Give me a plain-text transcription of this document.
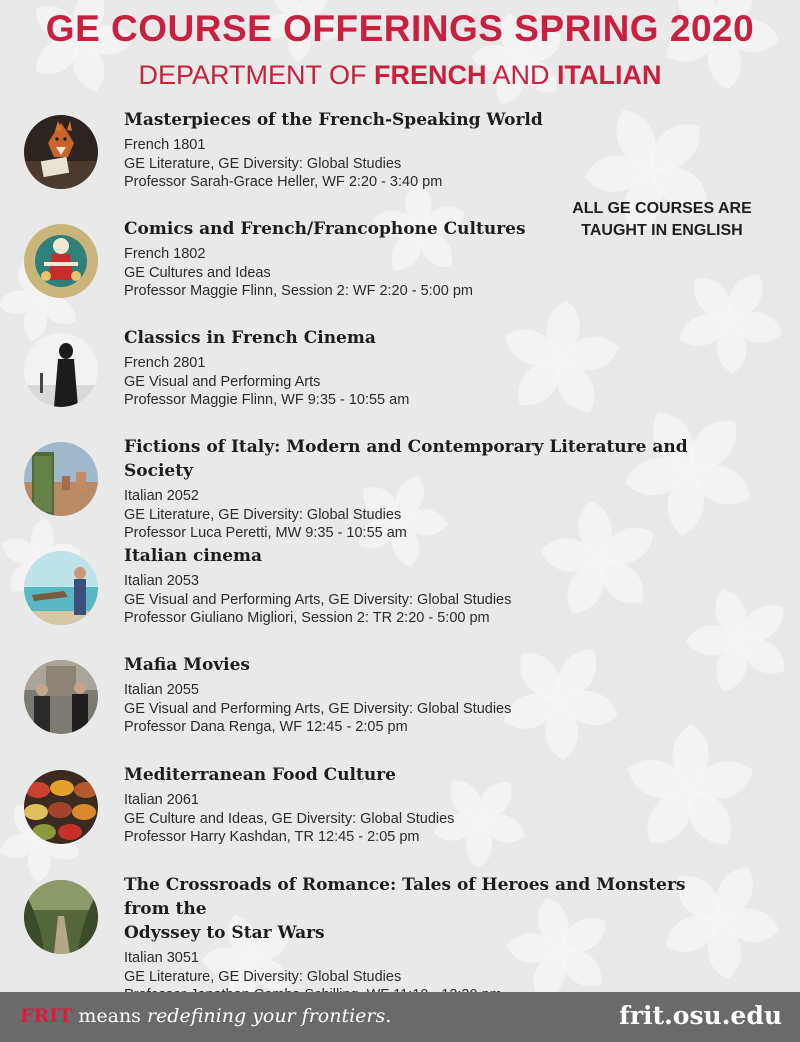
GE COURSE OFFERINGS SPRING 2020
DEPARTMENT OF FRENCH AND ITALIAN
ALL GE COURSES ARE
TAUGHT IN ENGLISH
Masterpieces of the French-Speaking World
French 1801
GE Literature, GE Diversity: Global Studies
Professor Sarah-Grace Heller, WF 2:20 - 3:40 pm
Comics and French/Francophone Cultures
French 1802
GE Cultures and Ideas
Professor Maggie Flinn, Session 2: WF 2:20 - 5:00 pm
Classics in French Cinema
French 2801
GE Visual and Performing Arts
Professor Maggie Flinn, WF 9:35 - 10:55 am
Fictions of Italy: Modern and Contemporary Literature and Society
Italian 2052
GE Literature, GE Diversity: Global Studies
Professor Luca Peretti, MW 9:35 - 10:55 am
Italian cinema
Italian 2053
GE Visual and Performing Arts, GE Diversity: Global Studies
Professor Giuliano Migliori, Session 2: TR 2:20 - 5:00 pm
Mafia Movies
Italian 2055
GE Visual and Performing Arts, GE Diversity: Global Studies
Professor Dana Renga, WF 12:45 - 2:05 pm
Mediterranean Food Culture
Italian 2061
GE Culture and Ideas, GE Diversity: Global Studies
Professor Harry Kashdan, TR 12:45 - 2:05 pm
The Crossroads of Romance: Tales of Heroes and Monsters from the
Odyssey to Star Wars
Italian 3051
GE Literature, GE Diversity: Global Studies
FRIT means redefining your frontiers.	frit.osu.edu
